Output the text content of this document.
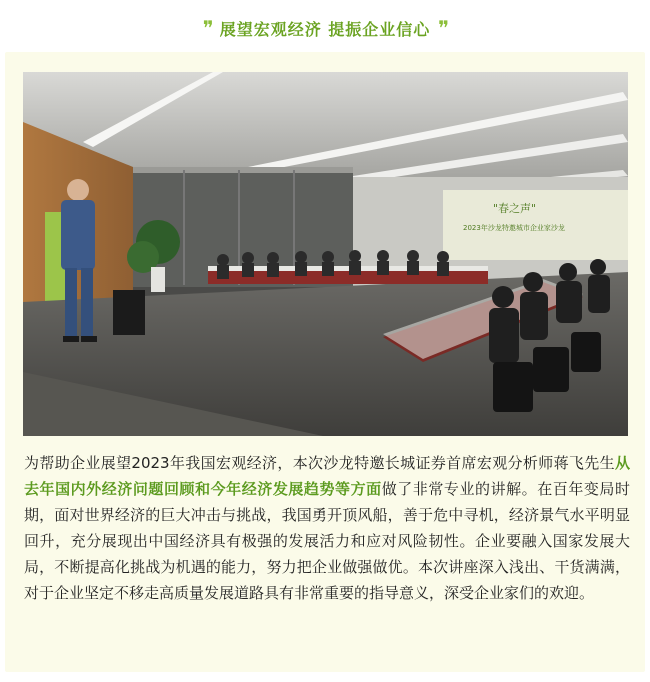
❜❜ 展望宏观经济 提振企业信心 ❜❜
"春之声"
2023年沙龙特邀城市企业家沙龙

为帮助企业展望2023年我国宏观经济，本次沙龙特邀长城证券首席宏观分析师蒋飞先生从去年国内外经济问题回顾和今年经济发展趋势等方面做了非常专业的讲解。在百年变局时期，面对世界经济的巨大冲击与挑战，我国勇开顶风船，善于危中寻机，经济景气水平明显回升，充分展现出中国经济具有极强的发展活力和应对风险韧性。企业要融入国家发展大局，不断提高化挑战为机遇的能力，努力把企业做强做优。本次讲座深入浅出、干货满满，对于企业坚定不移走高质量发展道路具有非常重要的指导意义，深受企业家们的欢迎。
